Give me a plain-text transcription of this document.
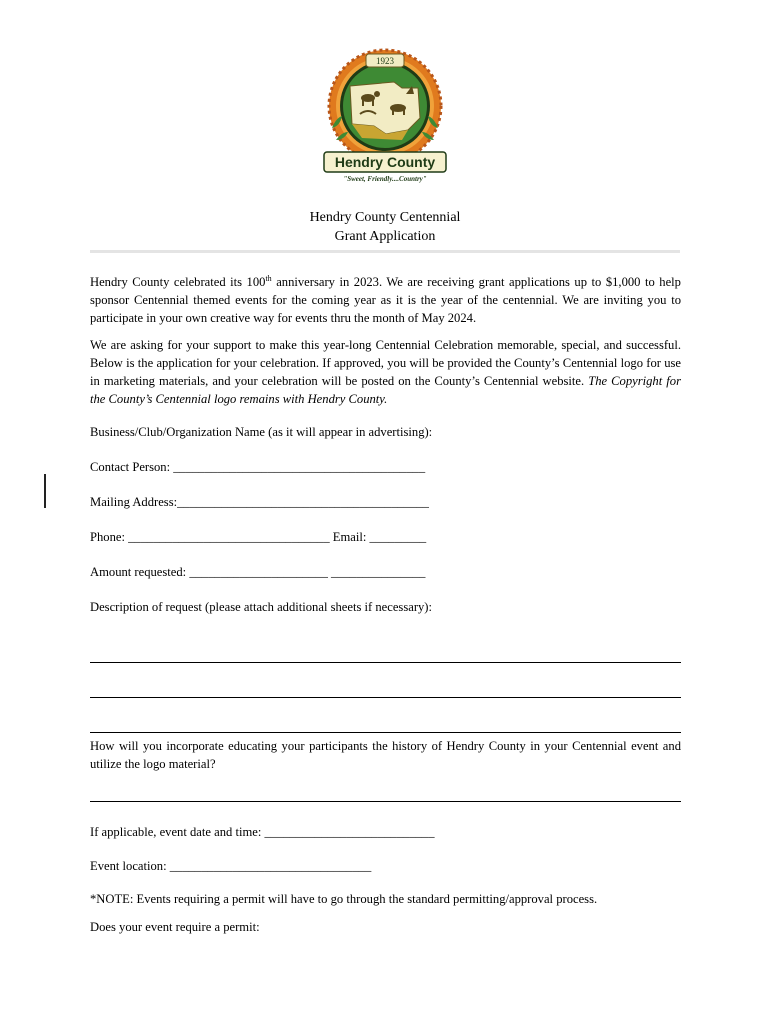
1923
Hendry County
"Sweet, Friendly....Country"
Hendry County Centennial
Grant Application
Hendry County celebrated its 100th anniversary in 2023. We are receiving grant applications up to $1,000 to help sponsor Centennial themed events for the coming year as it is the year of the centennial. We are inviting you to participate in your own creative way for events thru the month of May 2024.
We are asking for your support to make this year-long Centennial Celebration memorable, special, and successful. Below is the application for your celebration. If approved, you will be provided the County’s Centennial logo for use in marketing materials, and your celebration will be posted on the County’s Centennial website. The Copyright for the County’s Centennial logo remains with Hendry County.
Business/Club/Organization Name (as it will appear in advertising):
Contact Person: ________________________________________
Mailing Address:________________________________________
Phone: ________________________________ Email: _________
Amount requested: ______________________ _______________
Description of request (please attach additional sheets if necessary):
How will you incorporate educating your participants the history of Hendry County in your Centennial event and utilize the logo material?
If applicable, event date and time: ___________________________
Event location: ________________________________
*NOTE: Events requiring a permit will have to go through the standard permitting/approval process.
Does your event require a permit:
